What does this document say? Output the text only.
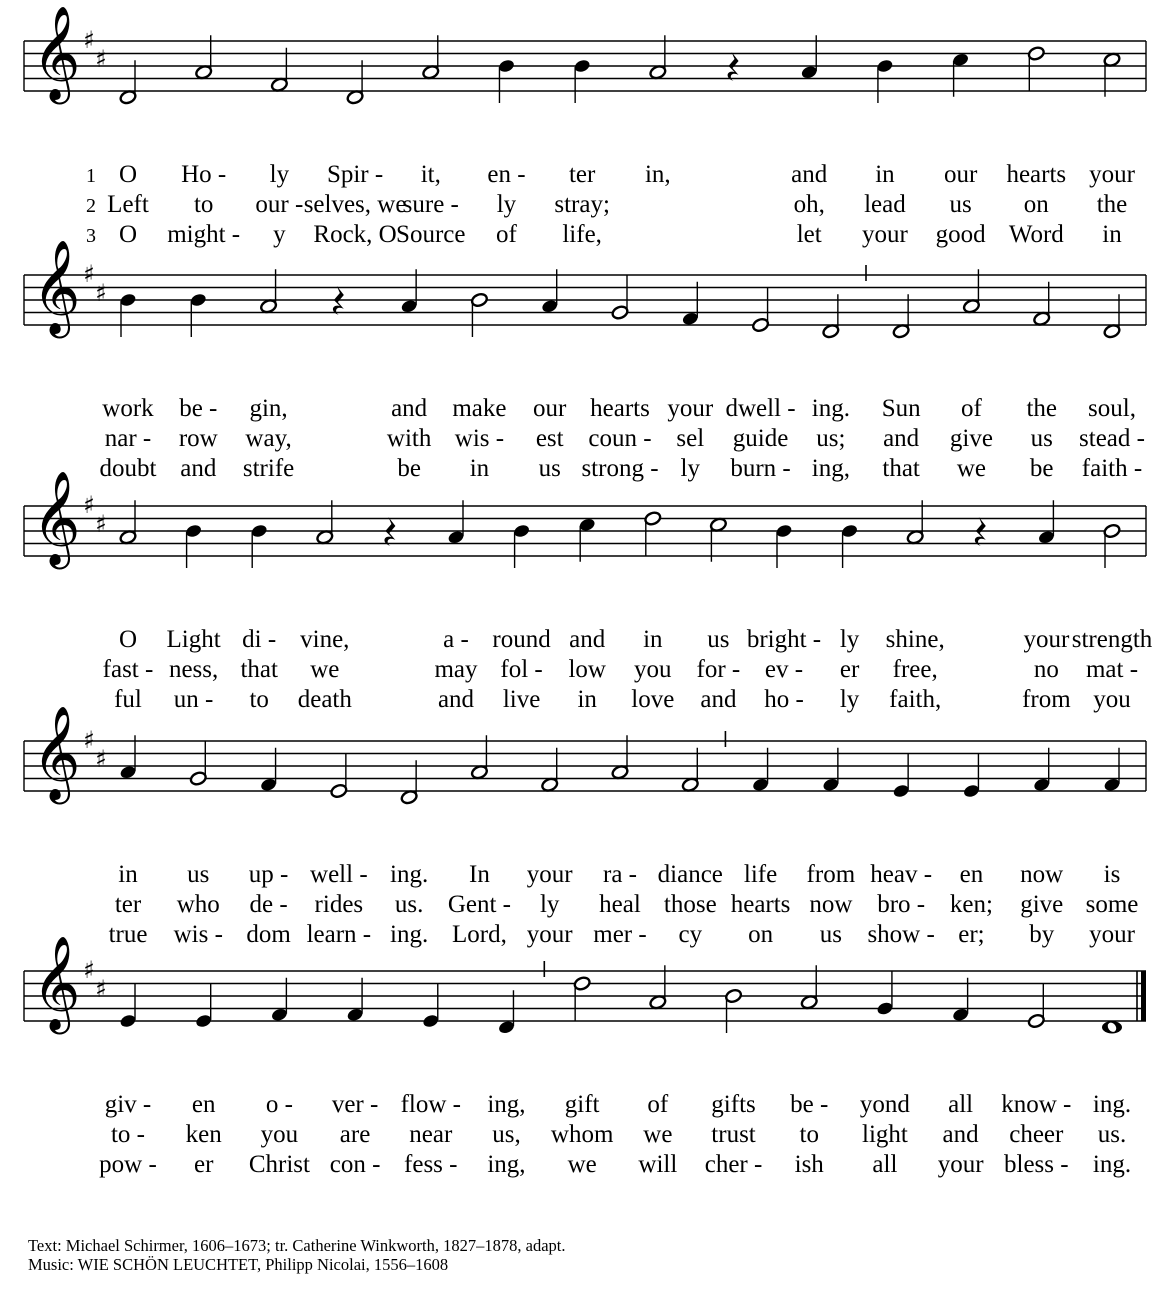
𝄞 ♯
♯
1 O Ho - ly Spir - it, en - ter in,	and in our hearts your
2 Left to our - selves, we
sure - ly stray;	oh, lead us on the
3 O might - y Rock, O Source of life,	let your good Word in
𝄞 ♯
♯
work be - gin,	and make our hearts your dwell - ing. Sun of the soul,
nar - row way,	with wis - est coun - sel guide us; and give us stead -
doubt and strife	be in us strong - ly burn - ing, that we be faith -
𝄞 ♯
♯
O Light di - vine,	a - round and in us bright - ly shine,	your strength
fast - ness, that we	may fol - low you for - ev - er free,	no mat -
ful un - to death	and live in love and ho - ly faith,	from you
𝄞 ♯
♯
in us up - well - ing. In your ra - diance life from heav - en now is
ter who de - rides us. Gent - ly heal those hearts now bro - ken; give some
true wis - dom learn - ing. Lord, your mer - cy on us show - er; by your
𝄞 ♯
♯
giv - en o - ver - flow - ing, gift of gifts be - yond all know - ing.
to - ken you are near us, whom we trust to light and cheer us.
pow - er Christ con - fess - ing, we will cher - ish all your bless - ing.
Text: Michael Schirmer, 1606–1673; tr. Catherine Winkworth, 1827–1878, adapt.
Music: WIE SCHÖN LEUCHTET, Philipp Nicolai, 1556–1608
